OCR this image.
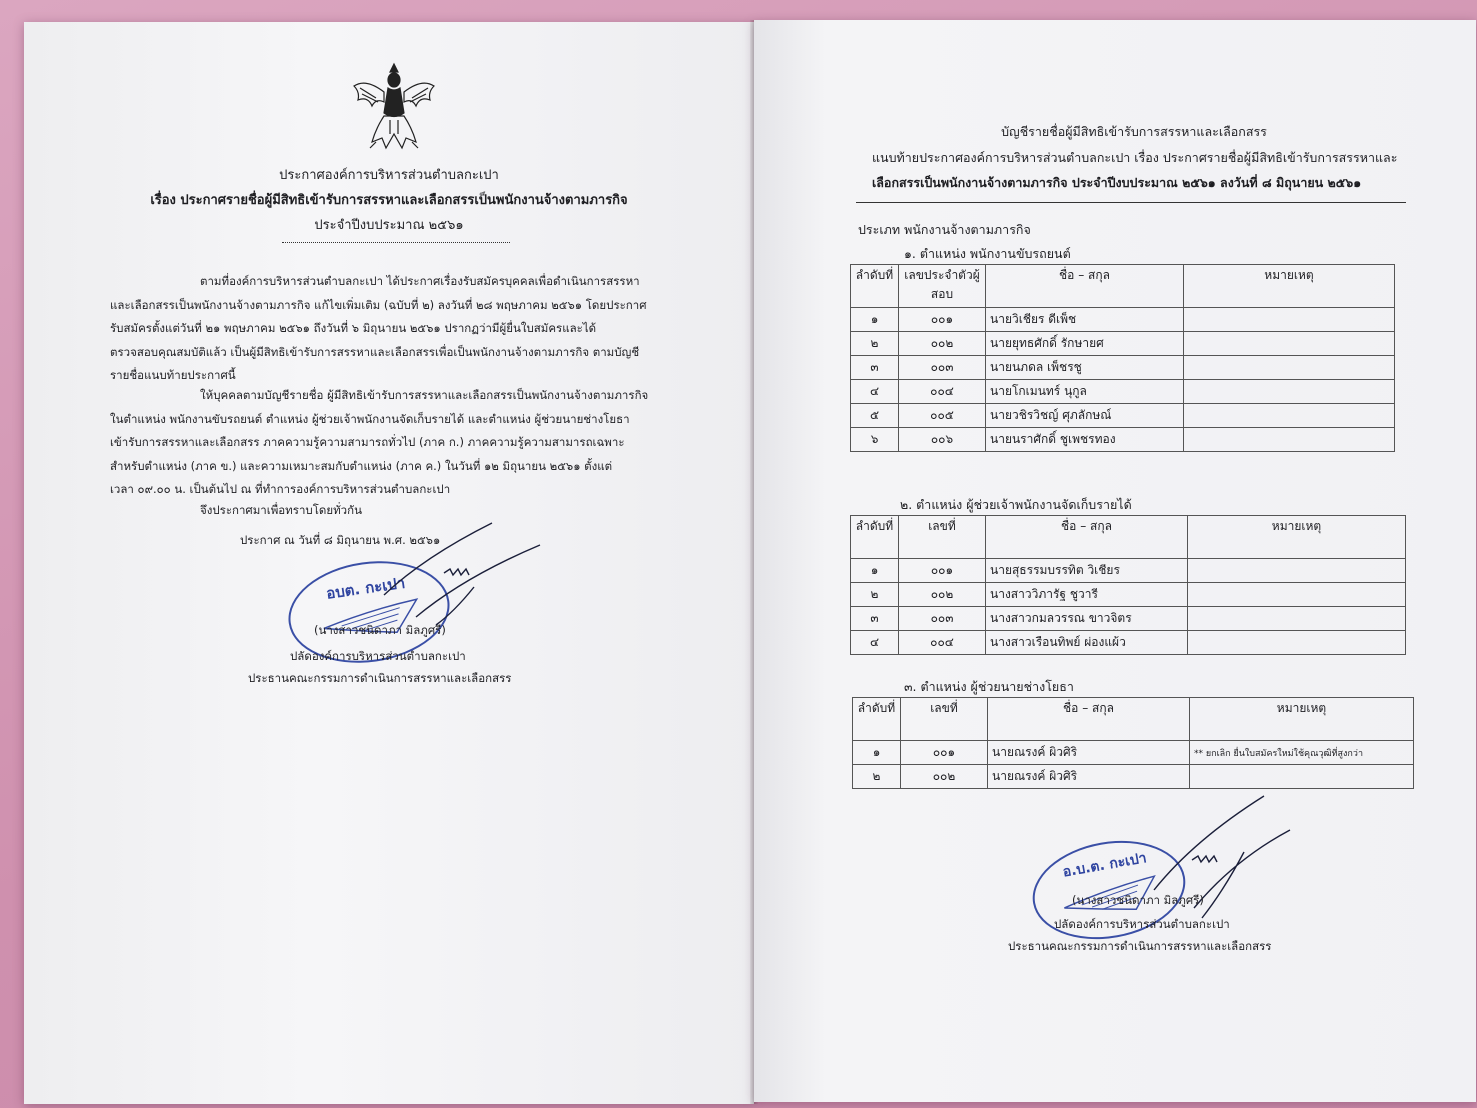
ประกาศองค์การบริหารส่วนตำบลกะเปา
เรื่อง ประกาศรายชื่อผู้มีสิทธิเข้ารับการสรรหาและเลือกสรรเป็นพนักงานจ้างตามภารกิจ
ประจำปีงบประมาณ ๒๕๖๑
ตามที่องค์การบริหารส่วนตำบลกะเปา ได้ประกาศเรื่องรับสมัครบุคคลเพื่อดำเนินการสรรหา
และเลือกสรรเป็นพนักงานจ้างตามภารกิจ แก้ไขเพิ่มเติม (ฉบับที่ ๒) ลงวันที่ ๒๘ พฤษภาคม ๒๕๖๑ โดยประกาศ
รับสมัครตั้งแต่วันที่ ๒๑ พฤษภาคม ๒๕๖๑ ถึงวันที่ ๖ มิถุนายน ๒๕๖๑ ปรากฏว่ามีผู้ยื่นใบสมัครและได้
ตรวจสอบคุณสมบัติแล้ว เป็นผู้มีสิทธิเข้ารับการสรรหาและเลือกสรรเพื่อเป็นพนักงานจ้างตามภารกิจ ตามบัญชี
รายชื่อแนบท้ายประกาศนี้
ให้บุคคลตามบัญชีรายชื่อ ผู้มีสิทธิเข้ารับการสรรหาและเลือกสรรเป็นพนักงานจ้างตามภารกิจ
ในตำแหน่ง พนักงานขับรถยนต์ ตำแหน่ง ผู้ช่วยเจ้าพนักงานจัดเก็บรายได้ และตำแหน่ง ผู้ช่วยนายช่างโยธา
เข้ารับการสรรหาและเลือกสรร ภาคความรู้ความสามารถทั่วไป (ภาค ก.) ภาคความรู้ความสามารถเฉพาะ
สำหรับตำแหน่ง (ภาค ข.) และความเหมาะสมกับตำแหน่ง (ภาค ค.) ในวันที่ ๑๒ มิถุนายน ๒๕๖๑ ตั้งแต่
เวลา ๐๙.๐๐ น. เป็นต้นไป ณ ที่ทำการองค์การบริหารส่วนตำบลกะเปา
จึงประกาศมาเพื่อทราบโดยทั่วกัน
ประกาศ ณ วันที่ ๘ มิถุนายน พ.ศ. ๒๕๖๑
อบต. กะเปา
(นางสาวชนิดาภา มิลภูศรี)
ปลัดองค์การบริหารส่วนตำบลกะเปา
ประธานคณะกรรมการดำเนินการสรรหาและเลือกสรร
บัญชีรายชื่อผู้มีสิทธิเข้ารับการสรรหาและเลือกสรร
แนบท้ายประกาศองค์การบริหารส่วนตำบลกะเปา เรื่อง ประกาศรายชื่อผู้มีสิทธิเข้ารับการสรรหาและ
เลือกสรรเป็นพนักงานจ้างตามภารกิจ ประจำปีงบประมาณ ๒๕๖๑ ลงวันที่ ๘ มิถุนายน ๒๕๖๑
ประเภท พนักงานจ้างตามภารกิจ
๑. ตำแหน่ง พนักงานขับรถยนต์
ลำดับที่	เลขประจำตัวผู้สอบ	ชื่อ – สกุล	หมายเหตุ
๑	๐๐๑	นายวิเชียร ดีเพ็ช	
๒	๐๐๒	นายยุทธศักดิ์ รักษายศ	
๓	๐๐๓	นายนภดล เพ็ชรชู	
๔	๐๐๔	นายโกเมนทร์ นุกูล	
๕	๐๐๕	นายวชิรวิชญ์ ศุภลักษณ์	
๖	๐๐๖	นายนราศักดิ์ ชูเพชรทอง	
๒. ตำแหน่ง ผู้ช่วยเจ้าพนักงานจัดเก็บรายได้
ลำดับที่	เลขที่	ชื่อ – สกุล	หมายเหตุ
๑	๐๐๑	นายสุธรรมบรรทิต วิเชียร	
๒	๐๐๒	นางสาววิภารัฐ ชูวารี	
๓	๐๐๓	นางสาวกมลวรรณ ขาวจิตร	
๔	๐๐๔	นางสาวเรือนทิพย์ ผ่องแผ้ว	
๓. ตำแหน่ง ผู้ช่วยนายช่างโยธา
ลำดับที่	เลขที่	ชื่อ – สกุล	หมายเหตุ
๑	๐๐๑	นายณรงค์ ผิวศิริ	** ยกเลิก ยื่นใบสมัครใหม่ใช้คุณวุฒิที่สูงกว่า
๒	๐๐๒	นายณรงค์ ผิวศิริ	
อ.บ.ต. กะเปา
(นางสาวชนิดาภา มิลภูศรี)
ปลัดองค์การบริหารส่วนตำบลกะเปา
ประธานคณะกรรมการดำเนินการสรรหาและเลือกสรร
